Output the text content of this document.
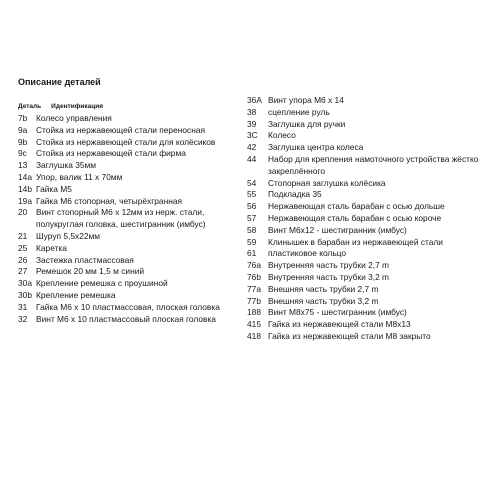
Описание деталей
Деталь Идентификация
7b	Колесо управления
9a	Стойка из нержавеющей стали переносная
9b	Стойка из нержавеющей стали для колёсиков
9c	Стойка из нержавеющей стали фирма
13	Заглушка 35мм
14a Упор, валик 11 x 70мм
14b Гайка M5
19a Гайка M6 стопорная, четырёхгранная
20	Винт стопорный M6 x 12мм из нерж. стали, полукруглая головка, шестигранник (имбус)
21	Шуруп 5,5x22мм
25	Каретка
26	Застежка пластмассовая
27	Ремешок 20 мм 1,5 м синий
30a Крепление ремешка с проушиной
30b Крепление ремешка
31	Гайка M6 x 10 пластмассовая, плоская головка
32	Винт M6 x 10 пластмассовый плоская головка
36A Винт упора M6 x 14
38	сцепление руль
39	Заглушка для ручки
3C	Колесо
42	Заглушка центра колеса
44	Набор для крепления намоточного устройства жёстко закреплённого
54	Стопорная заглушка колёсика
55	Подкладка 35
56	Нержавеющая сталь барабан с осью дольше
57	Нержавеющая сталь барабан с осью короче
58	Винт M6x12 - шестигранник (имбус)
59	Клинышек в барабан из нержавеющей стали
61	пластиковое кольцо
76a Внутренняя часть трубки 2,7 m
76b Внутренняя часть трубки 3,2 m
77a Внешняя часть трубки 2,7 m
77b Внешняя часть трубки 3,2 m
188 Винт M8x75 - шестигранник (имбус)
415 Гайка из нержавеющей стали M8x13
418 Гайка из нержавеющей стали M8 закрыто
